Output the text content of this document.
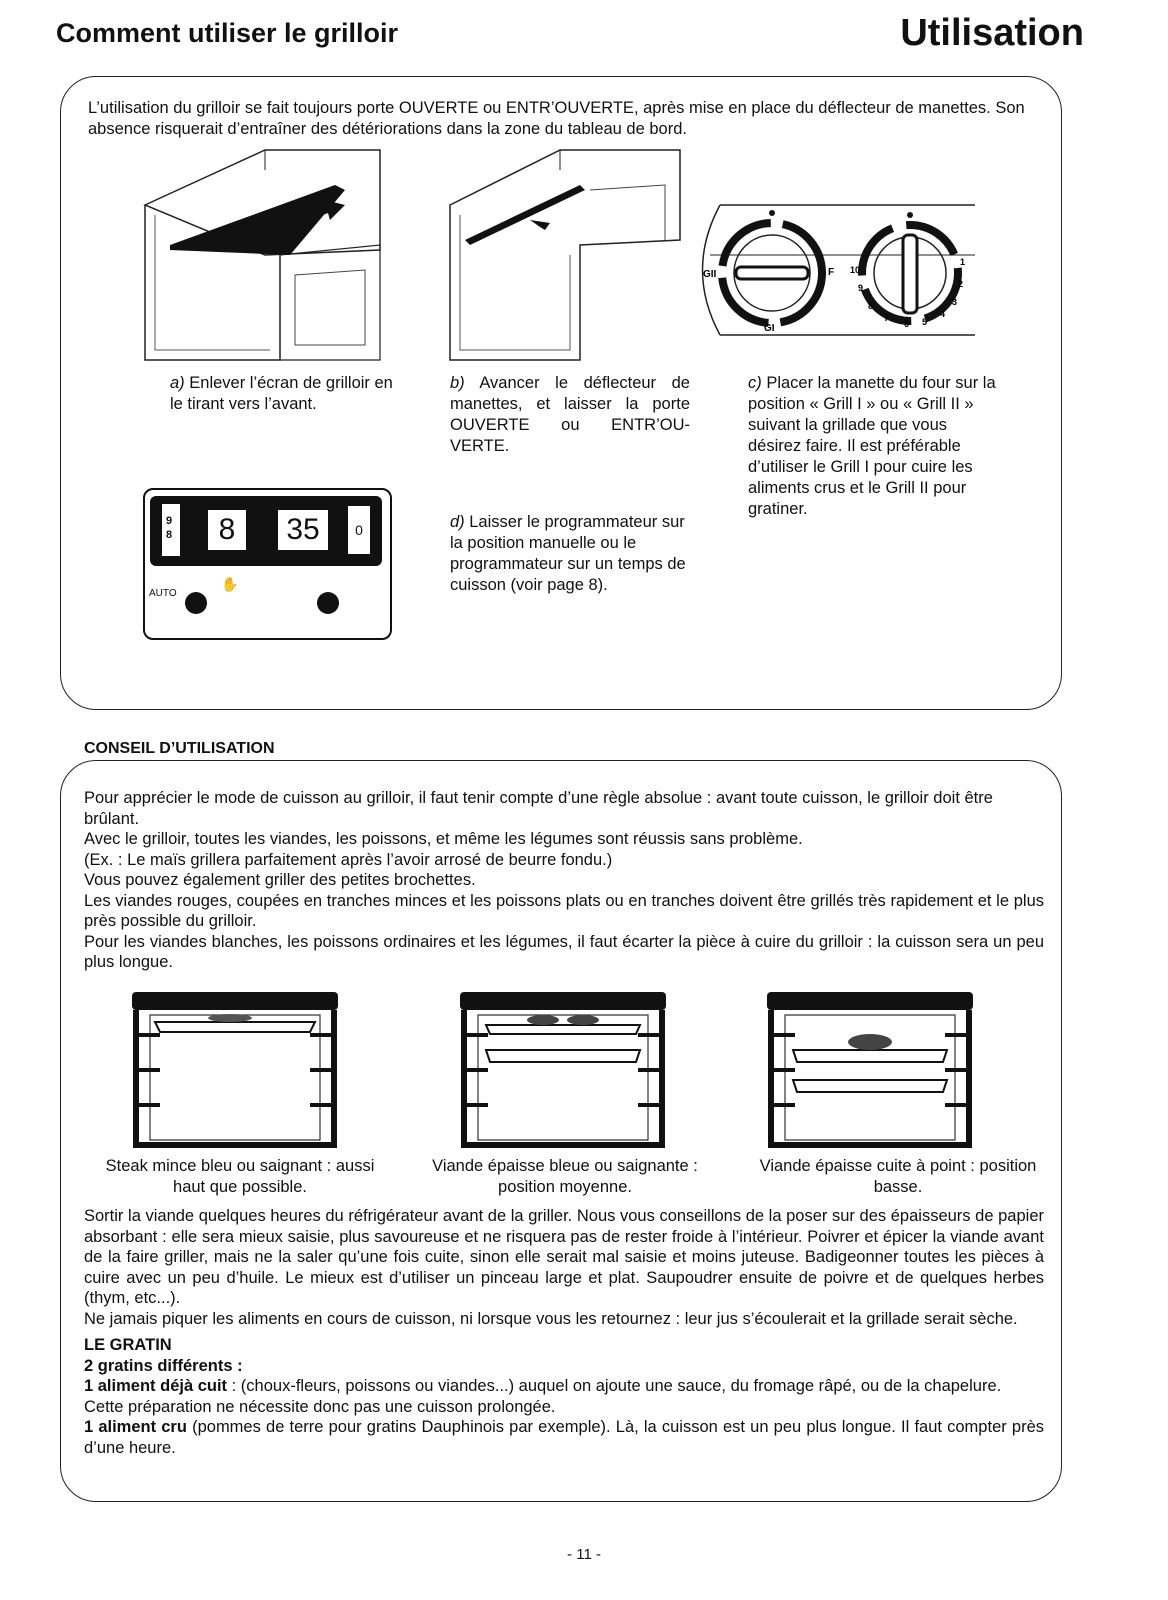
Comment utiliser le grilloir	Utilisation

L’utilisation du grilloir se fait toujours porte OUVERTE ou ENTR’OUVERTE, après mise en place du déflecteur de manettes. Son absence risquerait d’entraîner des détériorations dans la zone du tableau de bord.

GII	F
GI
10
1
2
3
4
5
6
7
8
9

a) Enlever l’écran de grilloir en le tirant vers l’avant.

b) Avancer le déflecteur de manettes, et laisser la porte OUVERTE ou ENTR’OU-VERTE.

c) Placer la manette du four sur la position « Grill I » ou « Grill II » suivant la grillade que vous désirez faire. Il est préférable d’utiliser le Grill I pour cuire les aliments crus et le Grill II pour gratiner.

d) Laisser le programmateur sur la position manuelle ou le programmateur sur un temps de cuisson (voir page 8).

9
8	8	35	0
AUTO
✋

CONSEIL D’UTILISATION

Pour apprécier le mode de cuisson au grilloir, il faut tenir compte d’une règle absolue : avant toute cuisson, le grilloir doit être brûlant.

Avec le grilloir, toutes les viandes, les poissons, et même les légumes sont réussis sans problème.

(Ex. : Le maïs grillera parfaitement après l’avoir arrosé de beurre fondu.)

Vous pouvez également griller des petites brochettes.

Les viandes rouges, coupées en tranches minces et les poissons plats ou en tranches doivent être grillés très rapidement et le plus près possible du grilloir.

Pour les viandes blanches, les poissons ordinaires et les légumes, il faut écarter la pièce à cuire du grilloir : la cuisson sera un peu plus longue.

Steak mince bleu ou saignant : aussi haut que possible.

Viande épaisse bleue ou saignante : position moyenne.

Viande épaisse cuite à point : position basse.

Sortir la viande quelques heures du réfrigérateur avant de la griller. Nous vous conseillons de la poser sur des épaisseurs de papier absorbant : elle sera mieux saisie, plus savoureuse et ne risquera pas de rester froide à l’intérieur. Poivrer et épicer la viande avant de la faire griller, mais ne la saler qu’une fois cuite, sinon elle serait mal saisie et moins juteuse. Badigeonner toutes les pièces à cuire avec un peu d’huile. Le mieux est d’utiliser un pinceau large et plat. Saupoudrer ensuite de poivre et de quelques herbes (thym, etc...).

Ne jamais piquer les aliments en cours de cuisson, ni lorsque vous les retournez : leur jus s’écoulerait et la grillade serait sèche.

LE GRATIN

2 gratins différents :

1 aliment déjà cuit : (choux-fleurs, poissons ou viandes...) auquel on ajoute une sauce, du fromage râpé, ou de la chapelure. Cette préparation ne nécessite donc pas une cuisson prolongée.

1 aliment cru (pommes de terre pour gratins Dauphinois par exemple). Là, la cuisson est un peu plus longue. Il faut compter près d’une heure.

- 11 -
